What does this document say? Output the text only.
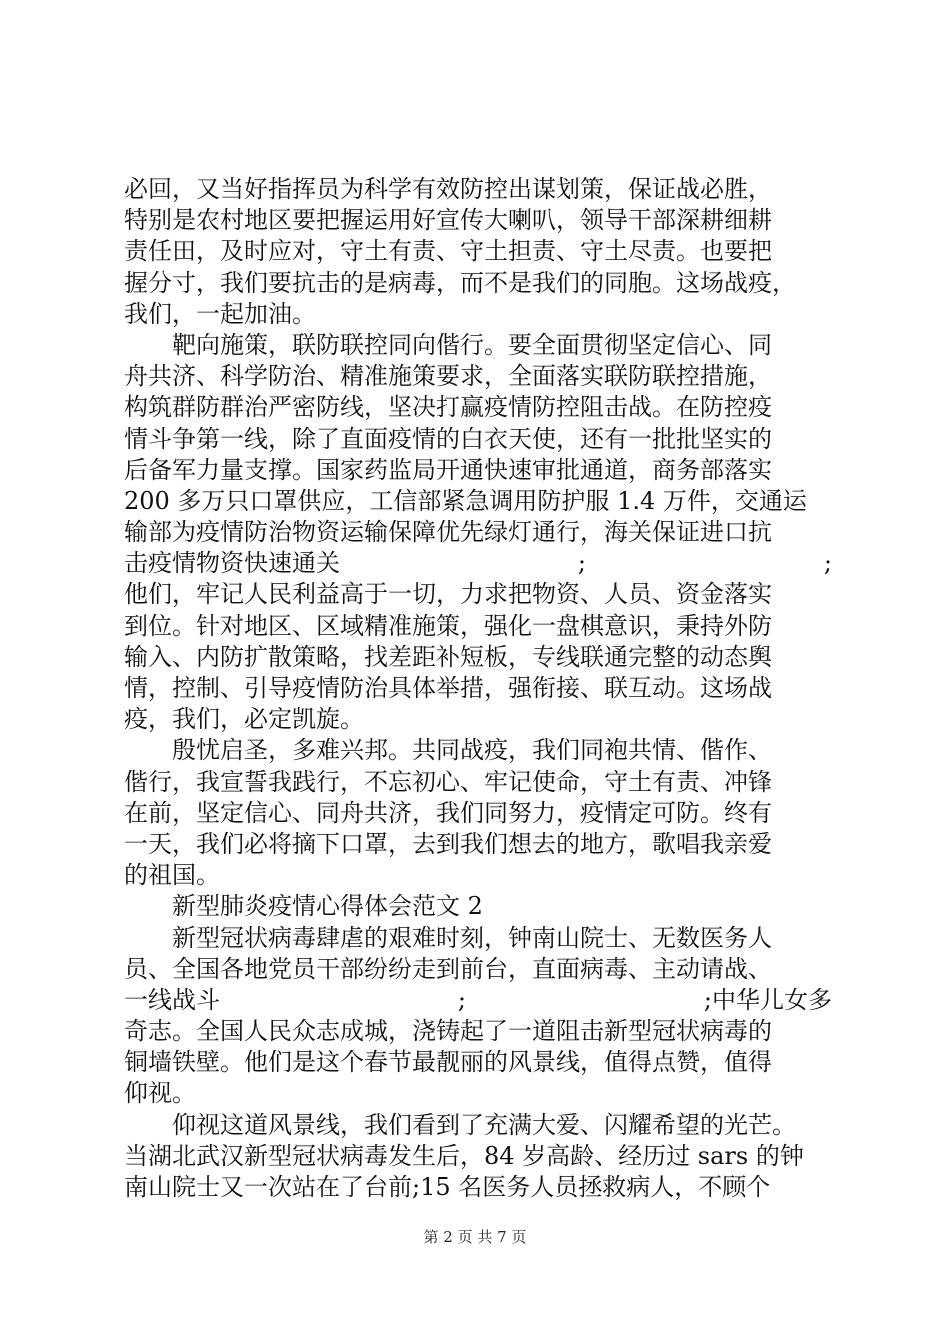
必回，又当好指挥员为科学有效防控出谋划策，保证战必胜，
特别是农村地区要把握运用好宣传大喇叭，领导干部深耕细耕
责任田，及时应对，守土有责、守土担责、守土尽责。也要把
握分寸，我们要抗击的是病毒，而不是我们的同胞。这场战疫，
我们，一起加油。
　　靶向施策，联防联控同向偕行。要全面贯彻坚定信心、同
舟共济、科学防治、精准施策要求，全面落实联防联控措施，
构筑群防群治严密防线，坚决打赢疫情防控阻击战。在防控疫
情斗争第一线，除了直面疫情的白衣天使，还有一批批坚实的
后备军力量支撑。国家药监局开通快速审批通道，商务部落实
200 多万只口罩供应，工信部紧急调用防护服 1.4 万件，交通运
输部为疫情防治物资运输保障优先绿灯通行，海关保证进口抗
击疫情物资快速通关	;	;
他们，牢记人民利益高于一切，力求把物资、人员、资金落实
到位。针对地区、区域精准施策，强化一盘棋意识，秉持外防
输入、内防扩散策略，找差距补短板，专线联通完整的动态舆
情，控制、引导疫情防治具体举措，强衔接、联互动。这场战
疫，我们，必定凯旋。
　　殷忧启圣，多难兴邦。共同战疫，我们同袍共情、偕作、
偕行，我宣誓我践行，不忘初心、牢记使命，守土有责、冲锋
在前，坚定信心、同舟共济，我们同努力，疫情定可防。终有
一天，我们必将摘下口罩，去到我们想去的地方，歌唱我亲爱
的祖国。
　　新型肺炎疫情心得体会范文 2
　　新型冠状病毒肆虐的艰难时刻，钟南山院士、无数医务人
员、全国各地党员干部纷纷走到前台，直面病毒、主动请战、
一线战斗	;	;中华儿女多
奇志。全国人民众志成城，浇铸起了一道阻击新型冠状病毒的
铜墙铁壁。他们是这个春节最靓丽的风景线，值得点赞，值得
仰视。
　　仰视这道风景线，我们看到了充满大爱、闪耀希望的光芒。
当湖北武汉新型冠状病毒发生后，84 岁高龄、经历过 sars 的钟
南山院士又一次站在了台前;15 名医务人员拯救病人，不顾个
第 2 页 共 7 页
